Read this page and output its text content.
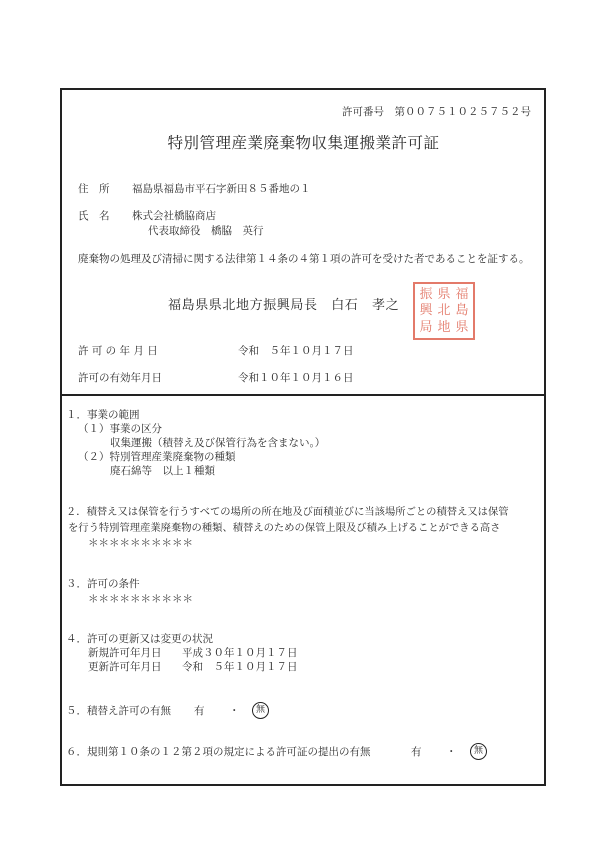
許可番号　第００７５１０２５７５２号
特別管理産業廃棄物収集運搬業許可証
住　所 福島県福島市平石字新田８５番地の１
氏　名 株式会社橋脇商店
代表取締役　橋脇　英行
廃棄物の処理及び清掃に関する法律第１４条の４第１項の許可を受けた者であることを証する。
福島県県北地方振興局長　白石　孝之
振 県 福
興 北 島
局 地 県
許 可 の 年 月 日	令和　５年１０月１７日
許可の有効年月日	令和１０年１０月１６日
１．事業の範囲
（１）事業の区分
収集運搬（積替え及び保管行為を含まない。）
（２）特別管理産業廃棄物の種類
廃石綿等　以上１種類
２．積替え又は保管を行うすべての場所の所在地及び面積並びに当該場所ごとの積替え又は保管
を行う特別管理産業廃棄物の種類、積替えのための保管上限及び積み上げることができる高さ
＊＊＊＊＊＊＊＊＊＊
３．許可の条件
＊＊＊＊＊＊＊＊＊＊
４．許可の更新又は変更の状況
新規許可年月日 平成３０年１０月１７日
更新許可年月日 令和　５年１０月１７日
５．積替え許可の有無 有 ・	無
６．規則第１０条の１２第２項の規定による許可証の提出の有無	有 ・	無
